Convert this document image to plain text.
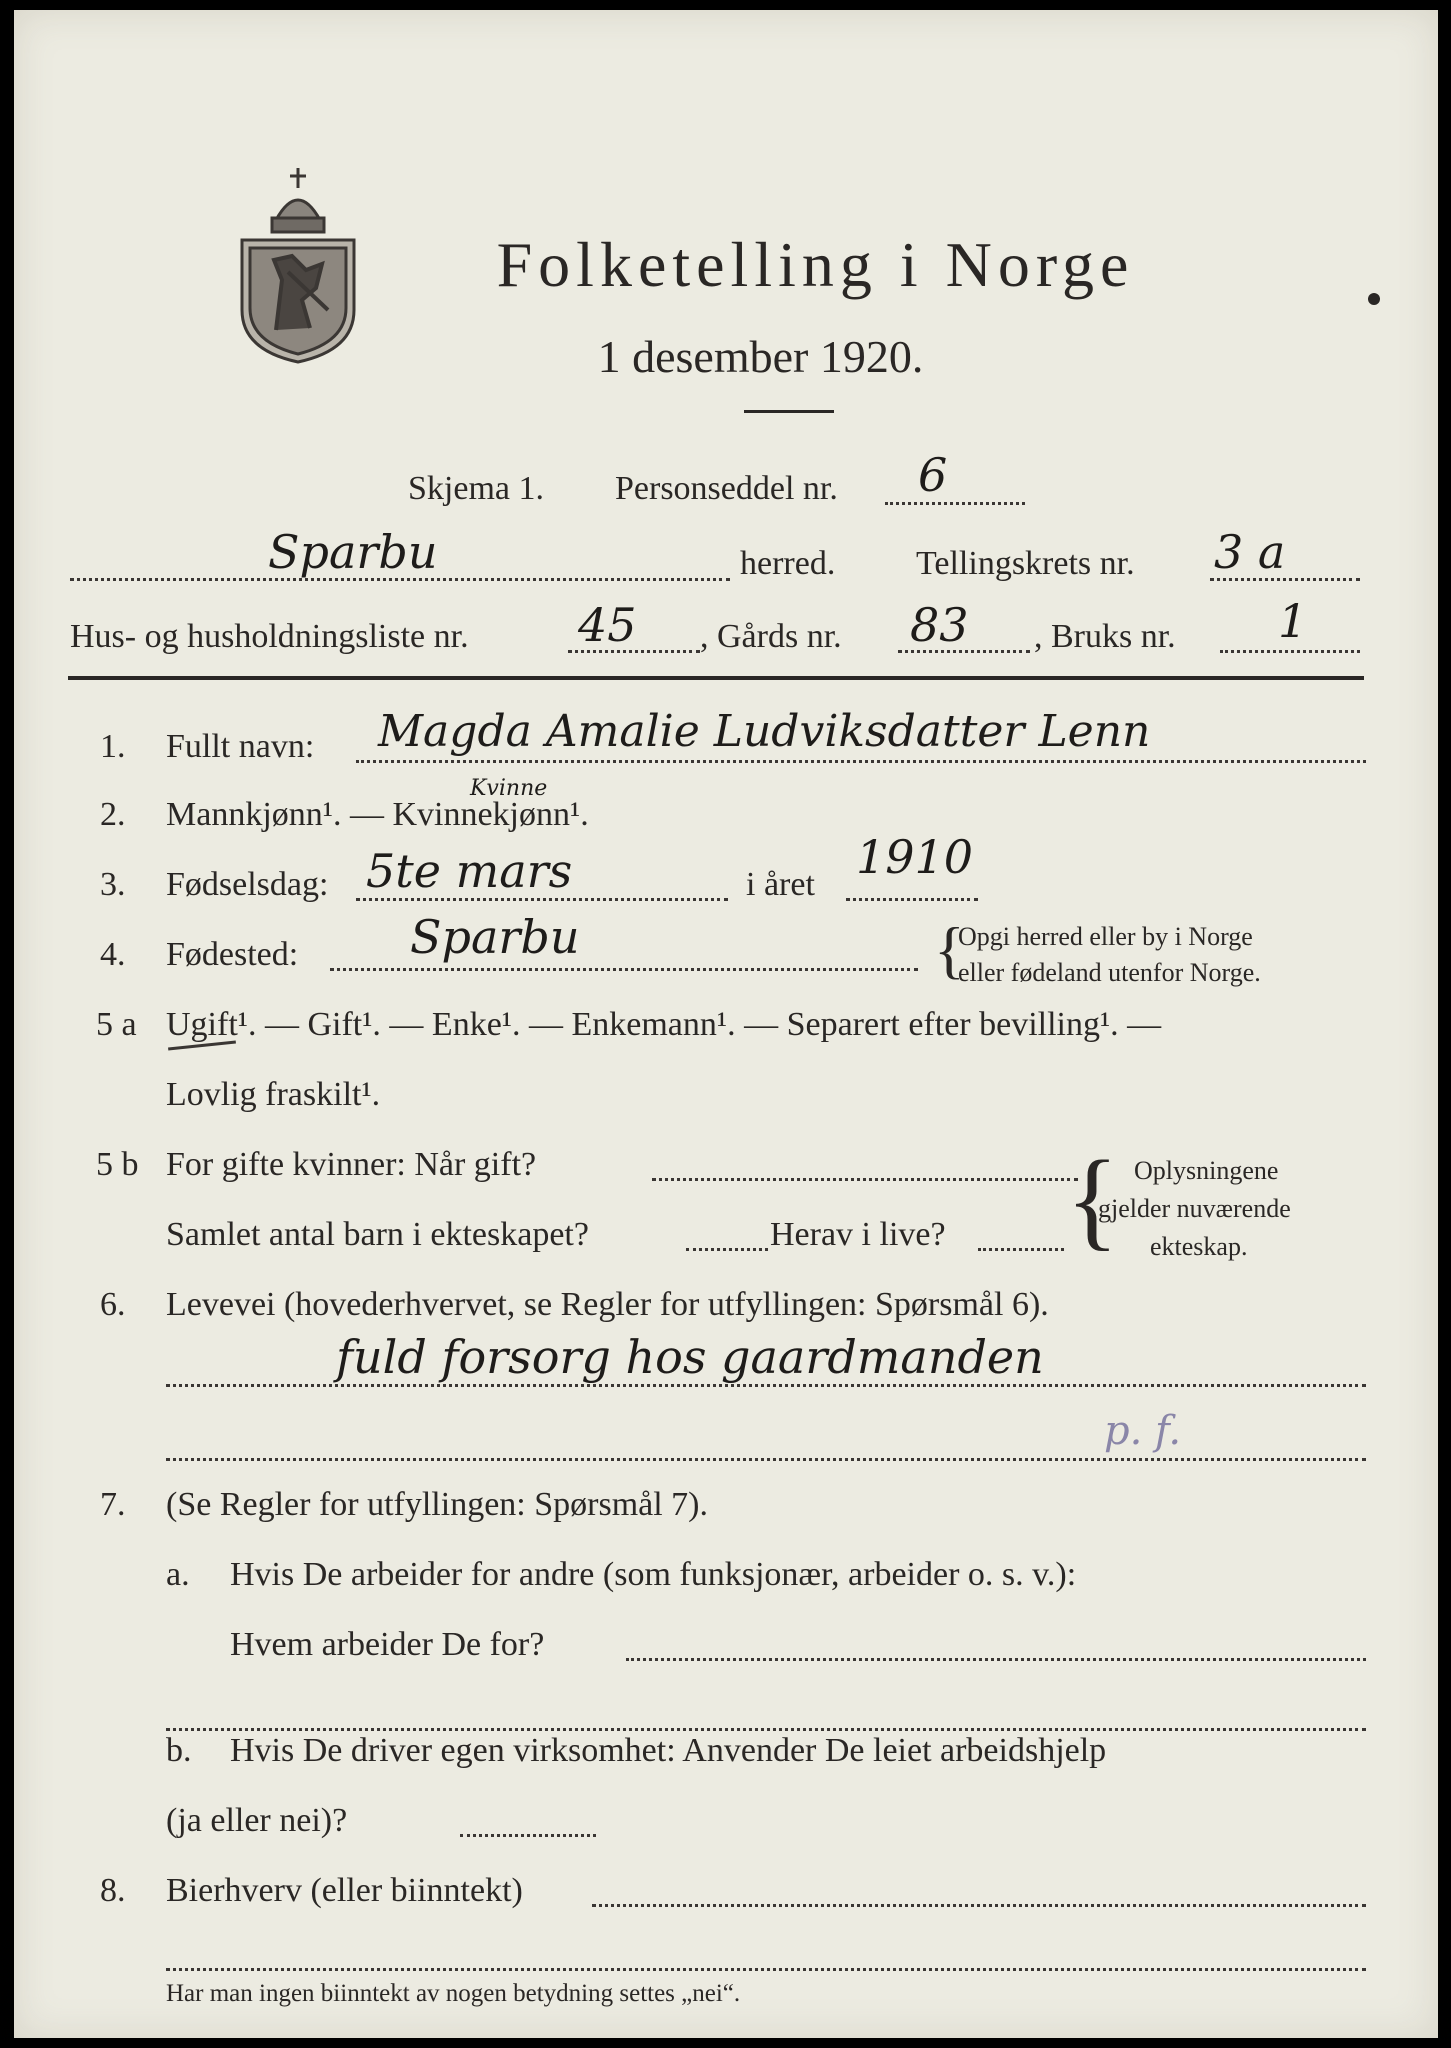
Folketelling i Norge
1 desember 1920.
Skjema 1. Personseddel nr. 6
Sparbu	herred. Tellingskrets nr. 3 a
Hus- og husholdningsliste nr. 45 , Gårds nr. 83 , Bruks nr. 1
1. Fullt navn: Magda Amalie Ludviksdatter Lenn
2. Mannkjønn¹. — Kvinnekjønn¹.
Kvinne
3. Fødselsdag: 5te mars	i året
1910
4. Fødested: Sparbu	{
Opgi herred eller by i Norge
eller fødeland utenfor Norge.
5 a Ugift¹. — Gift¹. — Enke¹. — Enkemann¹. — Separert efter bevilling¹. —
Lovlig fraskilt¹.
5 b For gifte kvinner: Når gift?
Samlet antal barn i ekteskapet?	Herav i live? { Oplysningene
gjelder nuværende
ekteskap.
6. Levevei (hovederhvervet, se Regler for utfyllingen: Spørsmål 6).
fuld forsorg hos gaardmanden
p. f.
7. (Se Regler for utfyllingen: Spørsmål 7).
a. Hvis De arbeider for andre (som funksjonær, arbeider o. s. v.):
Hvem arbeider De for?
b. Hvis De driver egen virksomhet: Anvender De leiet arbeidshjelp
(ja eller nei)?
8. Bierhverv (eller biinntekt)
Har man ingen biinntekt av nogen betydning settes „nei“.
